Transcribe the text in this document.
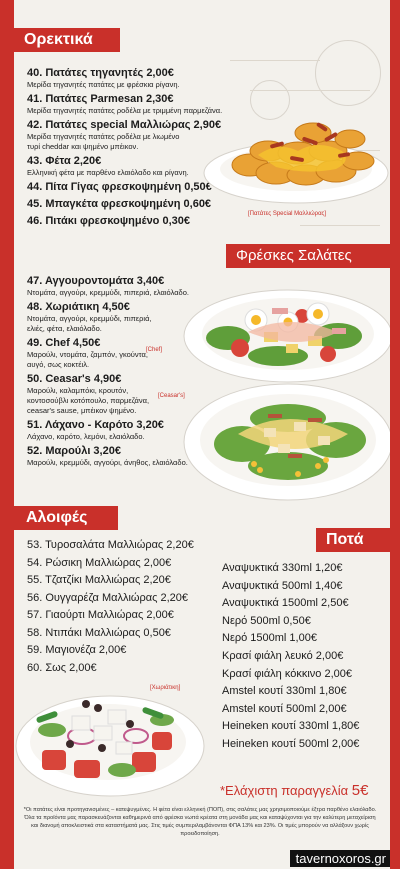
Ορεκτικά
40. Πατάτες τηγανητές 2,00€
Μερίδα τηγανητές πατάτες με φρέσκια ρίγανη.
41. Πατάτες Parmesan 2,30€
Μερίδα τηγανητές πατάτες ροδέλα με τριμμένη παρμεζάνα.
42. Πατάτες special Μαλλιώρας 2,90€
Μερίδα τηγανητές πατάτες ροδέλα με λιωμένο
τυρί cheddar και ψημένο μπέικον.
43. Φέτα 2,20€
Ελληνική φέτα με παρθένο ελαιόλαδο και ρίγανη.
44. Πίτα Γίγας φρεσκοψημένη 0,50€
45. Μπαγκέτα φρεσκοψημένη 0,60€
46. Πιτάκι φρεσκοψημένο 0,30€
[Πατάτες Special Μαλλιώρας]
Φρέσκες Σαλάτες
47. Αγγουροντομάτα 3,40€
Ντομάτα, αγγούρι, κρεμμύδι, πιπεριά, ελαιόλαδο.
48. Χωριάτικη 4,50€
Ντομάτα, αγγούρι, κρεμμύδι, πιπεριά,
ελιές, φέτα, ελαιόλαδο.
49. Chef 4,50€
Μαρούλι, ντομάτα, ζαμπόν, γκούντα,
αυγό, σως κοκτέιλ.
50. Ceasar's 4,90€
Μαρούλι, καλαμπόκι, κρουτόν,
κοντοσούβλι κοτόπουλο, παρμεζάνα,
ceasar's sause, μπέικον ψημένο.
51. Λάχανο - Καρότο 3,20€
Λάχανο, καρότο, λεμόνι, ελαιόλαδο.
52. Μαρούλι 3,20€
Μαρούλι, κρεμμύδι, αγγούρι, άνηθος, ελαιόλαδο.
[Chef]
[Ceasar's]
Αλοιφές
53. Τυροσαλάτα Μαλλιώρας 2,20€
54. Ρώσικη Μαλλιώρας 2,00€
55. Τζατζίκι Μαλλιώρας 2,20€
56. Ουγγαρέζα Μαλλιώρας 2,20€
57. Γιαούρτι Μαλλιώρας 2,00€
58. Ντιπάκι Μαλλιώρας 0,50€
59. Μαγιονέζα 2,00€
60. Σως 2,00€
Ποτά
Αναψυκτικά 330ml 1,20€
Αναψυκτικά 500ml 1,40€
Αναψυκτικά 1500ml 2,50€
Νερό 500ml 0,50€
Νερό 1500ml 1,00€
Κρασί φιάλη λευκό 2,00€
Κρασί φιάλη κόκκινο 2,00€
Amstel κουτί 330ml 1,80€
Amstel κουτί 500ml 2,00€
Heineken κουτί 330ml 1,80€
Heineken κουτί 500ml 2,00€
[Χωριάτικη]
*Ελάχιστη παραγγελία 5€
*Οι πατάτες είναι προτηγανισμένες – κατεψυγμένες. Η φέτα είναι ελληνική (ΠΟΠ), στις σαλάτες μας χρησιμοποιούμε έξτρα παρθένο ελαιόλαδο. Όλα τα προϊόντα μας παρασκευάζονται καθημερινά από φρέσκα νωπά κρέατα στη μονάδα μας και καταψύχονται για την καλύτερη μεταχείριση και διανομή αποκλειστικά στα καταστήματά μας. Στις τιμές συμπεριλαμβάνονται ΦΠΑ 13% και 23%. Οι τιμές μπορούν να αλλάξουν χωρίς προειδοποίηση.
tavernoxoros.gr
